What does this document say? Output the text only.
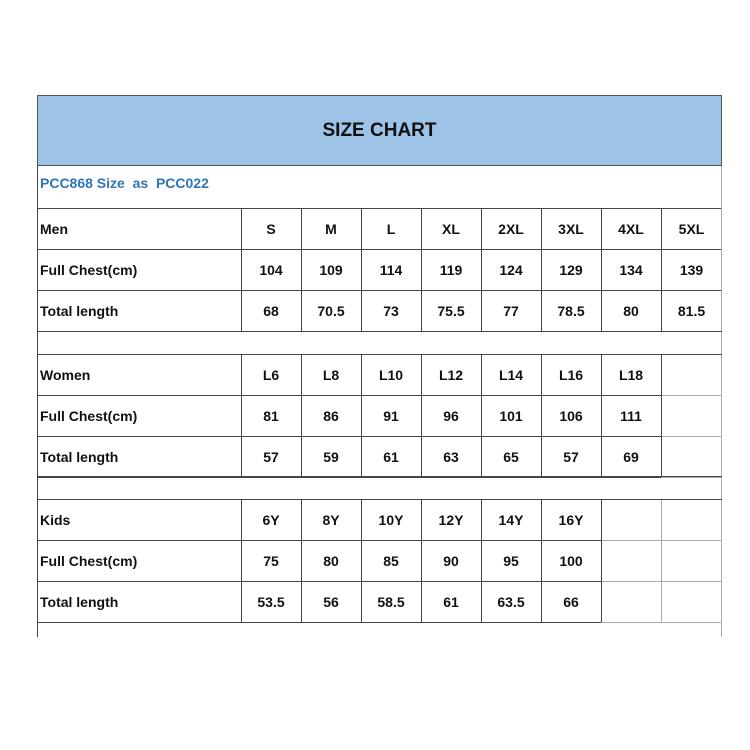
SIZE CHART
PCC868 Size  as  PCC022
Men	S	M	L	XL	2XL	3XL	4XL	5XL
Full Chest(cm)	104	109	114	119	124	129	134	139
Total length	68	70.5	73	75.5	77	78.5	80	81.5
Women	L6	L8	L10	L12	L14	L16	L18
Full Chest(cm)	81	86	91	96	101	106	111
Total length	57	59	61	63	65	57	69
Kids	6Y	8Y	10Y	12Y	14Y	16Y
Full Chest(cm)	75	80	85	90	95	100
Total length	53.5	56	58.5	61	63.5	66
